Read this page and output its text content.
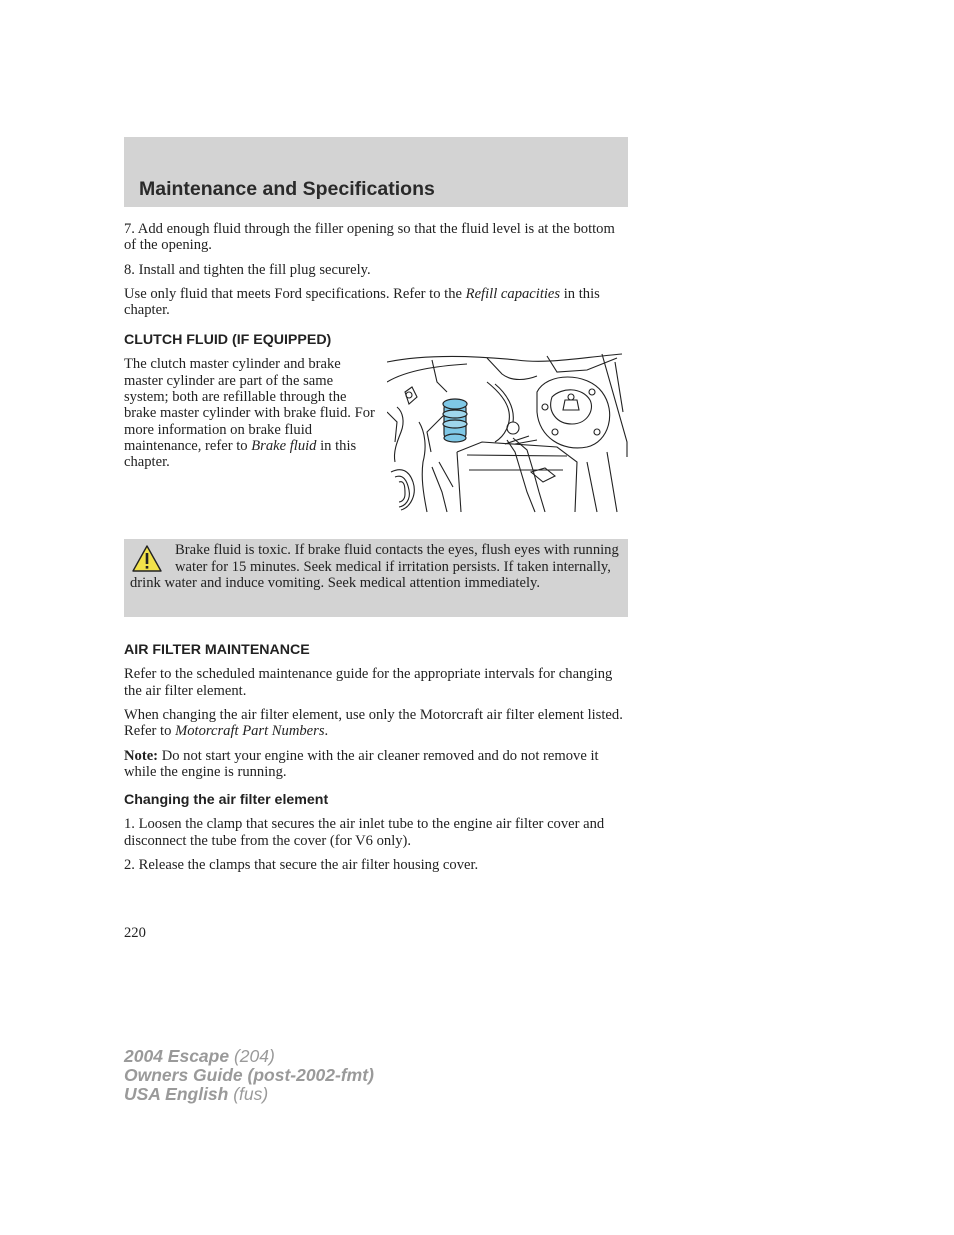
Maintenance and Specifications

7. Add enough fluid through the filler opening so that the fluid level is at the bottom of the opening.

8. Install and tighten the fill plug securely.

Use only fluid that meets Ford specifications. Refer to the Refill capacities in this chapter.

CLUTCH FLUID (IF EQUIPPED)

The clutch master cylinder and brake master cylinder are part of the same system; both are refillable through the brake master cylinder with brake fluid. For more information on brake fluid maintenance, refer to Brake fluid in this chapter.

Brake fluid is toxic. If brake fluid contacts the eyes, flush eyes with running water for 15 minutes. Seek medical if irritation persists. If taken internally, drink water and induce vomiting. Seek medical attention immediately.

AIR FILTER MAINTENANCE

Refer to the scheduled maintenance guide for the appropriate intervals for changing the air filter element.

When changing the air filter element, use only the Motorcraft air filter element listed. Refer to Motorcraft Part Numbers.

Note: Do not start your engine with the air cleaner removed and do not remove it while the engine is running.

Changing the air filter element

1. Loosen the clamp that secures the air inlet tube to the engine air filter cover and disconnect the tube from the cover (for V6 only).

2. Release the clamps that secure the air filter housing cover.

220
2004 Escape (204)
Owners Guide (post-2002-fmt)
USA English (fus)
